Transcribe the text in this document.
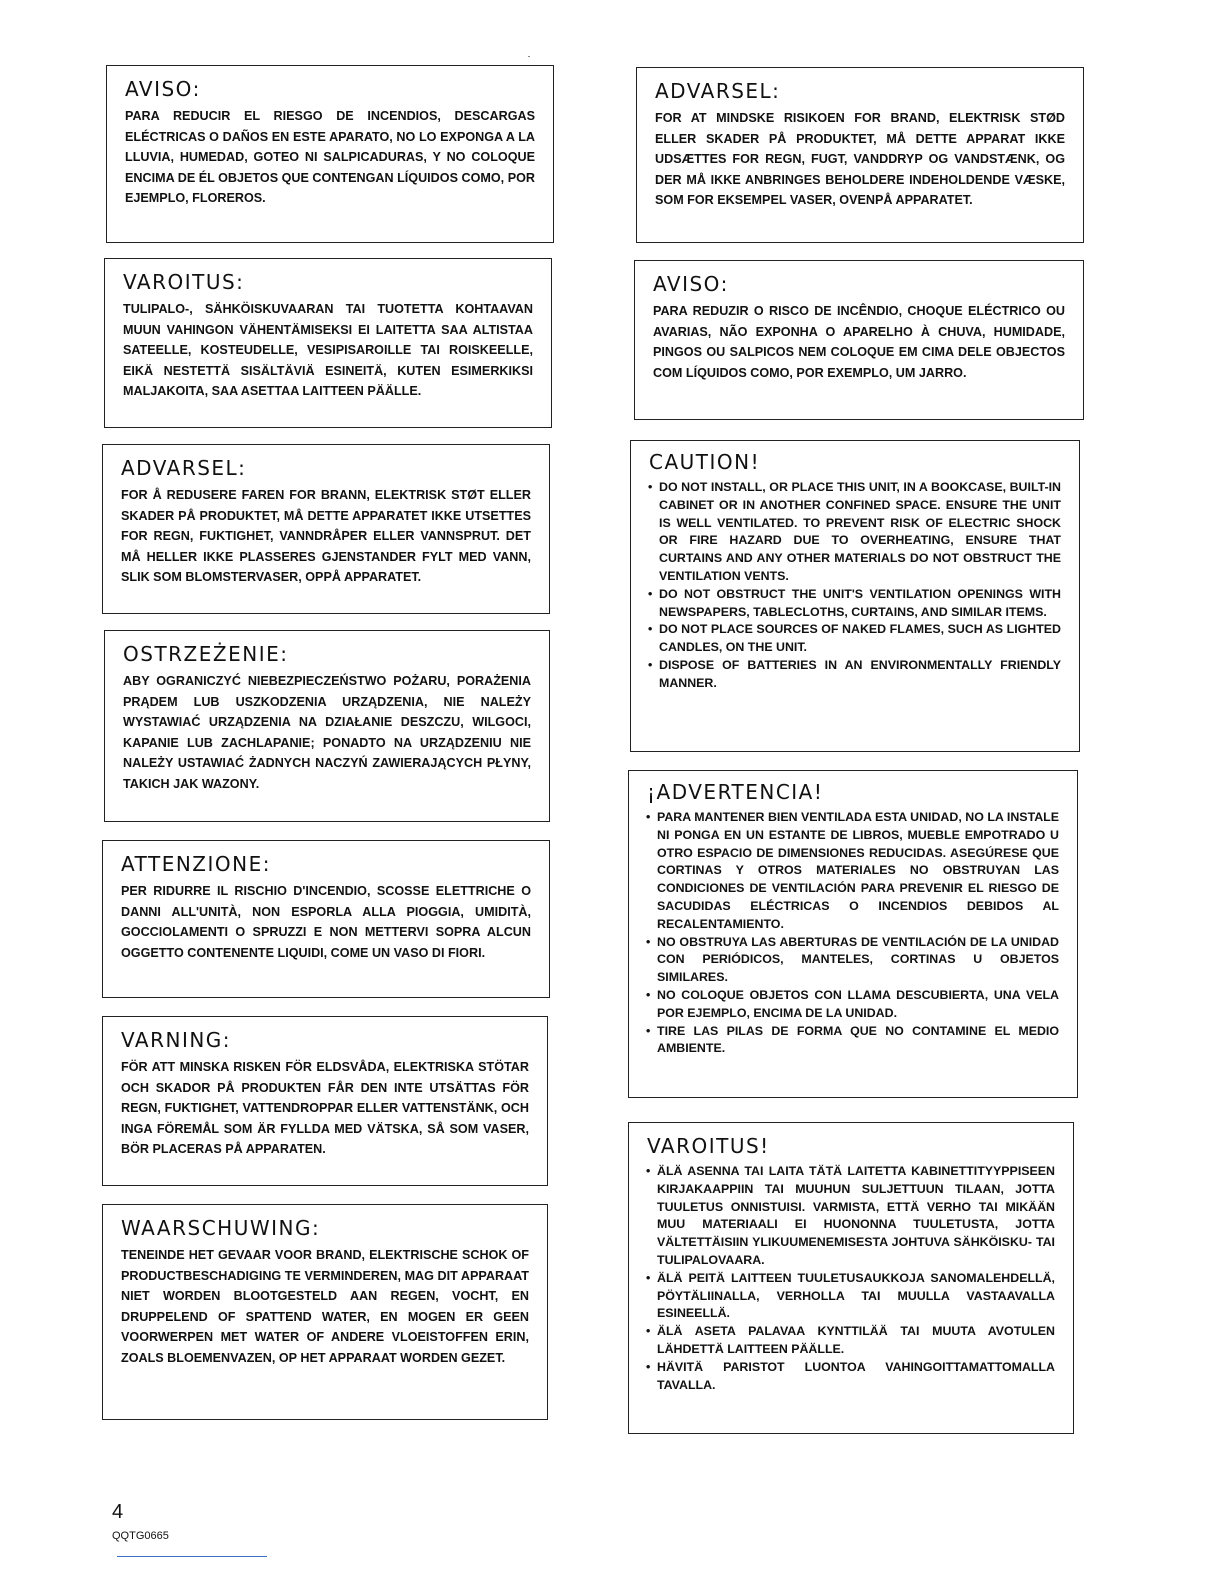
AVISO:

PARA REDUCIR EL RIESGO DE INCENDIOS, DESCARGAS ELÉCTRICAS O DAÑOS EN ESTE APARATO, NO LO EXPONGA A LA LLUVIA, HUMEDAD, GOTEO NI SALPICADURAS, Y NO COLOQUE ENCIMA DE ÉL OBJETOS QUE CONTENGAN LÍQUIDOS COMO, POR EJEMPLO, FLOREROS.

VAROITUS:

TULIPALO-, SÄHKÖISKUVAARAN TAI TUOTETTA KOHTAAVAN MUUN VAHINGON VÄHENTÄMISEKSI EI LAITETTA SAA ALTISTAA SATEELLE, KOSTEUDELLE, VESIPISAROILLE TAI ROISKEELLE, EIKÄ NESTETTÄ SISÄLTÄVIÄ ESINEITÄ, KUTEN ESIMERKIKSI MALJAKOITA, SAA ASETTAA LAITTEEN PÄÄLLE.

ADVARSEL:

FOR Å REDUSERE FAREN FOR BRANN, ELEKTRISK STØT ELLER SKADER PÅ PRODUKTET, MÅ DETTE APPARATET IKKE UTSETTES FOR REGN, FUKTIGHET, VANNDRÅPER ELLER VANNSPRUT. DET MÅ HELLER IKKE PLASSERES GJENSTANDER FYLT MED VANN, SLIK SOM BLOMSTERVASER, OPPÅ APPARATET.

OSTRZEŻENIE:

ABY OGRANICZYĆ NIEBEZPIECZEŃSTWO POŻARU, PORAŻENIA PRĄDEM LUB USZKODZENIA URZĄDZENIA, NIE NALEŻY WYSTAWIAĆ URZĄDZENIA NA DZIAŁANIE DESZCZU, WILGOCI, KAPANIE LUB ZACHLAPANIE; PONADTO NA URZĄDZENIU NIE NALEŻY USTAWIAĆ ŻADNYCH NACZYŃ ZAWIERAJĄCYCH PŁYNY, TAKICH JAK WAZONY.

ATTENZIONE:

PER RIDURRE IL RISCHIO D'INCENDIO, SCOSSE ELETTRICHE O DANNI ALL'UNITÀ, NON ESPORLA ALLA PIOGGIA, UMIDITÀ, GOCCIOLAMENTI O SPRUZZI E NON METTERVI SOPRA ALCUN OGGETTO CONTENENTE LIQUIDI, COME UN VASO DI FIORI.

VARNING:

FÖR ATT MINSKA RISKEN FÖR ELDSVÅDA, ELEKTRISKA STÖTAR OCH SKADOR PÅ PRODUKTEN FÅR DEN INTE UTSÄTTAS FÖR REGN, FUKTIGHET, VATTENDROPPAR ELLER VATTENSTÄNK, OCH INGA FÖREMÅL SOM ÄR FYLLDA MED VÄTSKA, SÅ SOM VASER, BÖR PLACERAS PÅ APPARATEN.

WAARSCHUWING:

TENEINDE HET GEVAAR VOOR BRAND, ELEKTRISCHE SCHOK OF PRODUCTBESCHADIGING TE VERMINDEREN, MAG DIT APPARAAT NIET WORDEN BLOOTGESTELD AAN REGEN, VOCHT, EN DRUPPELEND OF SPATTEND WATER, EN MOGEN ER GEEN VOORWERPEN MET WATER OF ANDERE VLOEISTOFFEN ERIN, ZOALS BLOEMENVAZEN, OP HET APPARAAT WORDEN GEZET.

ADVARSEL:

FOR AT MINDSKE RISIKOEN FOR BRAND, ELEKTRISK STØD ELLER SKADER PÅ PRODUKTET, MÅ DETTE APPARAT IKKE UDSÆTTES FOR REGN, FUGT, VANDDRYP OG VANDSTÆNK, OG DER MÅ IKKE ANBRINGES BEHOLDERE INDEHOLDENDE VÆSKE, SOM FOR EKSEMPEL VASER, OVENPÅ APPARATET.

AVISO:

PARA REDUZIR O RISCO DE INCÊNDIO, CHOQUE ELÉCTRICO OU AVARIAS, NÃO EXPONHA O APARELHO À CHUVA, HUMIDADE, PINGOS OU SALPICOS NEM COLOQUE EM CIMA DELE OBJECTOS COM LÍQUIDOS COMO, POR EXEMPLO, UM JARRO.

CAUTION!
• DO NOT INSTALL, OR PLACE THIS UNIT, IN A BOOKCASE, BUILT-IN CABINET OR IN ANOTHER CONFINED SPACE. ENSURE THE UNIT IS WELL VENTILATED. TO PREVENT RISK OF ELECTRIC SHOCK OR FIRE HAZARD DUE TO OVERHEATING, ENSURE THAT CURTAINS AND ANY OTHER MATERIALS DO NOT OBSTRUCT THE VENTILATION VENTS.
• DO NOT OBSTRUCT THE UNIT'S VENTILATION OPENINGS WITH NEWSPAPERS, TABLECLOTHS, CURTAINS, AND SIMILAR ITEMS.
• DO NOT PLACE SOURCES OF NAKED FLAMES, SUCH AS LIGHTED CANDLES, ON THE UNIT.
• DISPOSE OF BATTERIES IN AN ENVIRONMENTALLY FRIENDLY MANNER.
¡ADVERTENCIA!
• PARA MANTENER BIEN VENTILADA ESTA UNIDAD, NO LA INSTALE NI PONGA EN UN ESTANTE DE LIBROS, MUEBLE EMPOTRADO U OTRO ESPACIO DE DIMENSIONES REDUCIDAS. ASEGÚRESE QUE CORTINAS Y OTROS MATERIALES NO OBSTRUYAN LAS CONDICIONES DE VENTILACIÓN PARA PREVENIR EL RIESGO DE SACUDIDAS ELÉCTRICAS O INCENDIOS DEBIDOS AL RECALENTAMIENTO.
• NO OBSTRUYA LAS ABERTURAS DE VENTILACIÓN DE LA UNIDAD CON PERIÓDICOS, MANTELES, CORTINAS U OBJETOS SIMILARES.
• NO COLOQUE OBJETOS CON LLAMA DESCUBIERTA, UNA VELA POR EJEMPLO, ENCIMA DE LA UNIDAD.
• TIRE LAS PILAS DE FORMA QUE NO CONTAMINE EL MEDIO AMBIENTE.
VAROITUS!
• ÄLÄ ASENNA TAI LAITA TÄTÄ LAITETTA KABINETTITYYPPISEEN KIRJAKAAPPIIN TAI MUUHUN SULJETTUUN TILAAN, JOTTA TUULETUS ONNISTUISI. VARMISTA, ETTÄ VERHO TAI MIKÄÄN MUU MATERIAALI EI HUONONNA TUULETUSTA, JOTTA VÄLTETTÄISIIN YLIKUUMENEMISESTA JOHTUVA SÄHKÖISKU- TAI TULIPALOVAARA.
• ÄLÄ PEITÄ LAITTEEN TUULETUSAUKKOJA SANOMALEHDELLÄ, PÖYTÄLIINALLA, VERHOLLA TAI MUULLA VASTAAVALLA ESINEELLÄ.
• ÄLÄ ASETA PALAVAA KYNTTILÄÄ TAI MUUTA AVOTULEN LÄHDETTÄ LAITTEEN PÄÄLLE.
• HÄVITÄ PARISTOT LUONTOA VAHINGOITTAMATTOMALLA TAVALLA.
4
QQTG0665
